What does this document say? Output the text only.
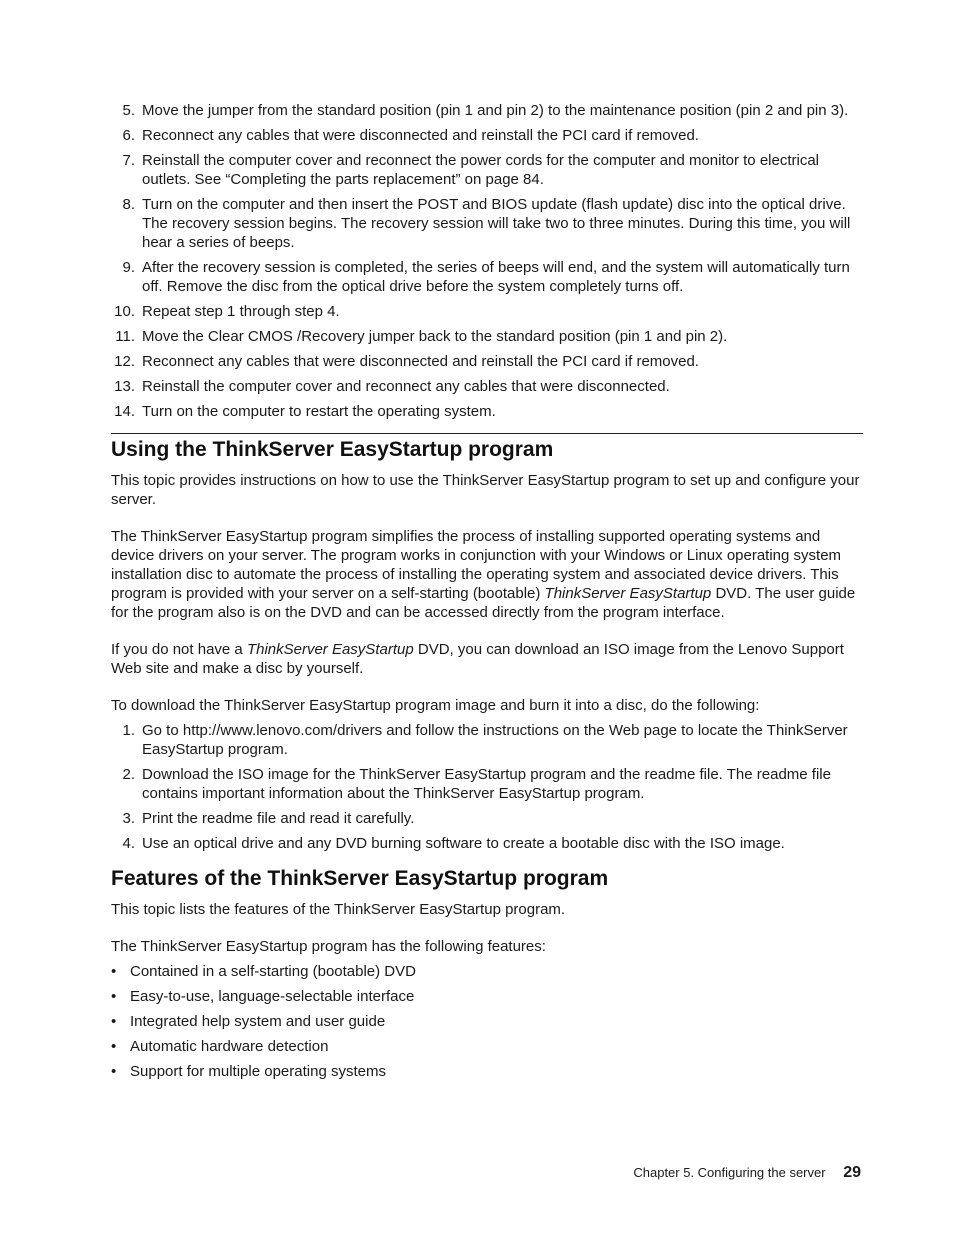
5. Move the jumper from the standard position (pin 1 and pin 2) to the maintenance position (pin 2 and pin 3).
6. Reconnect any cables that were disconnected and reinstall the PCI card if removed.
7. Reinstall the computer cover and reconnect the power cords for the computer and monitor to electrical outlets. See “Completing the parts replacement” on page 84.
8. Turn on the computer and then insert the POST and BIOS update (flash update) disc into the optical drive. The recovery session begins. The recovery session will take two to three minutes. During this time, you will hear a series of beeps.
9. After the recovery session is completed, the series of beeps will end, and the system will automatically turn off. Remove the disc from the optical drive before the system completely turns off.
10. Repeat step 1 through step 4.
11. Move the Clear CMOS /Recovery jumper back to the standard position (pin 1 and pin 2).
12. Reconnect any cables that were disconnected and reinstall the PCI card if removed.
13. Reinstall the computer cover and reconnect any cables that were disconnected.
14. Turn on the computer to restart the operating system.
Using the ThinkServer EasyStartup program

This topic provides instructions on how to use the ThinkServer EasyStartup program to set up and configure your server.

The ThinkServer EasyStartup program simplifies the process of installing supported operating systems and device drivers on your server. The program works in conjunction with your Windows or Linux operating system installation disc to automate the process of installing the operating system and associated device drivers. This program is provided with your server on a self-starting (bootable) ThinkServer EasyStartup DVD. The user guide for the program also is on the DVD and can be accessed directly from the program interface.

If you do not have a ThinkServer EasyStartup DVD, you can download an ISO image from the Lenovo Support Web site and make a disc by yourself.

To download the ThinkServer EasyStartup program image and burn it into a disc, do the following:

1. Go to http://www.lenovo.com/drivers and follow the instructions on the Web page to locate the ThinkServer EasyStartup program.
2. Download the ISO image for the ThinkServer EasyStartup program and the readme file. The readme file contains important information about the ThinkServer EasyStartup program.
3. Print the readme file and read it carefully.
4. Use an optical drive and any DVD burning software to create a bootable disc with the ISO image.
Features of the ThinkServer EasyStartup program

This topic lists the features of the ThinkServer EasyStartup program.

The ThinkServer EasyStartup program has the following features:

• Contained in a self-starting (bootable) DVD
• Easy-to-use, language-selectable interface
• Integrated help system and user guide
• Automatic hardware detection
• Support for multiple operating systems
Chapter 5. Configuring the server 29
